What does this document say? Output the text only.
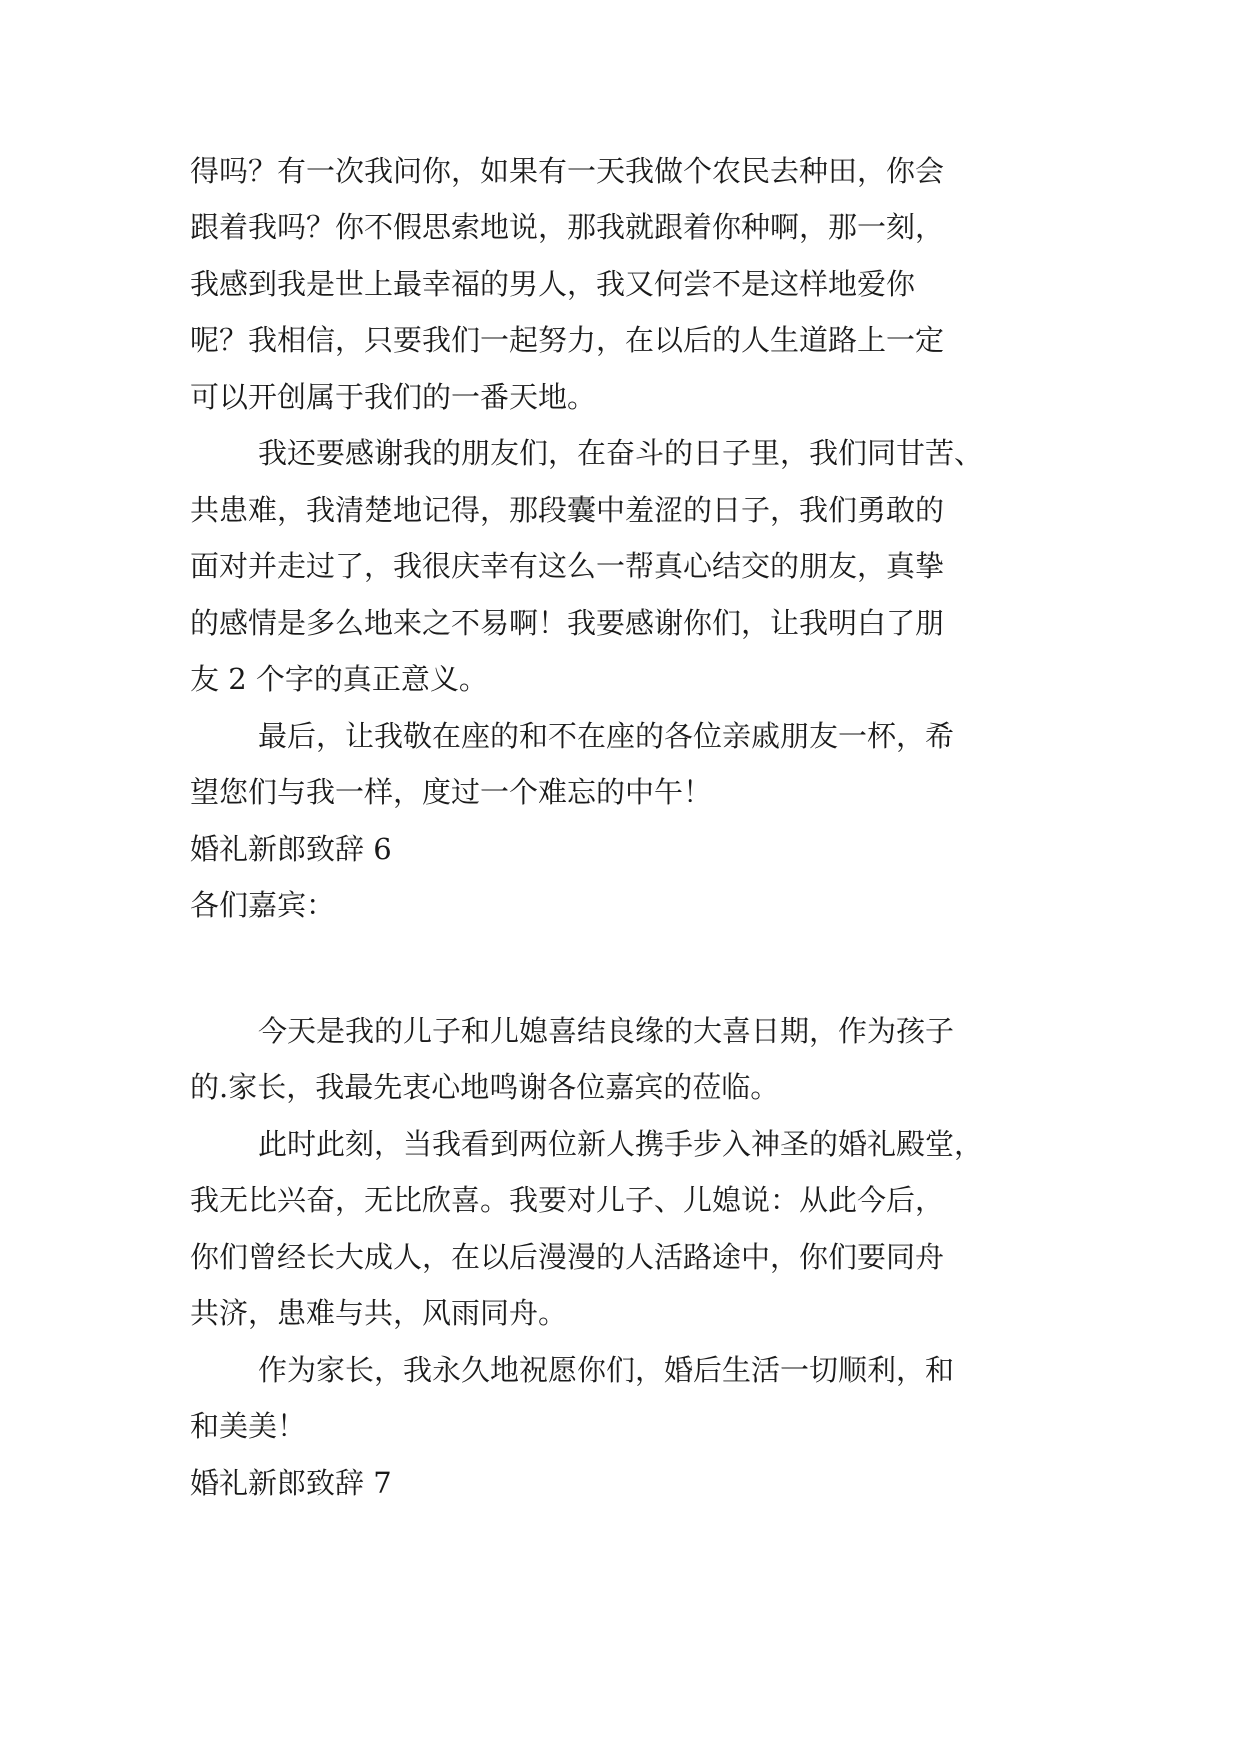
得吗？有一次我问你，如果有一天我做个农民去种田，你会
跟着我吗？你不假思索地说，那我就跟着你种啊，那一刻，
我感到我是世上最幸福的男人，我又何尝不是这样地爱你
呢？我相信，只要我们一起努力，在以后的人生道路上一定
可以开创属于我们的一番天地。
我还要感谢我的朋友们，在奋斗的日子里，我们同甘苦、
共患难，我清楚地记得，那段囊中羞涩的日子，我们勇敢的
面对并走过了，我很庆幸有这么一帮真心结交的朋友，真挚
的感情是多么地来之不易啊！我要感谢你们，让我明白了朋
友 2 个字的真正意义。
最后，让我敬在座的和不在座的各位亲戚朋友一杯，希
望您们与我一样，度过一个难忘的中午！
婚礼新郎致辞 6
各们嘉宾：
今天是我的儿子和儿媳喜结良缘的大喜日期，作为孩子
的.家长，我最先衷心地鸣谢各位嘉宾的莅临。
此时此刻，当我看到两位新人携手步入神圣的婚礼殿堂，
我无比兴奋，无比欣喜。我要对儿子、儿媳说：从此今后，
你们曾经长大成人，在以后漫漫的人活路途中，你们要同舟
共济，患难与共，风雨同舟。
作为家长，我永久地祝愿你们，婚后生活一切顺利，和
和美美！
婚礼新郎致辞 7
